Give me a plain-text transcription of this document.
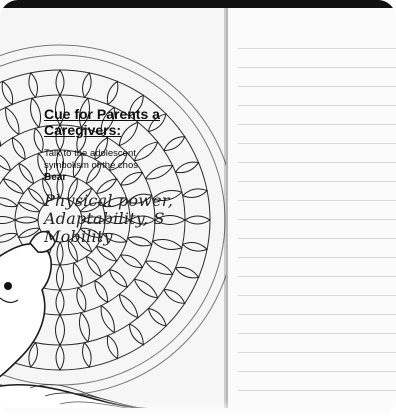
Cue for Parents a
Caregivers:
Talk to the adolescent
symbolism of the chos
Bear
Physical power,
Adaptability, S
Mobility
